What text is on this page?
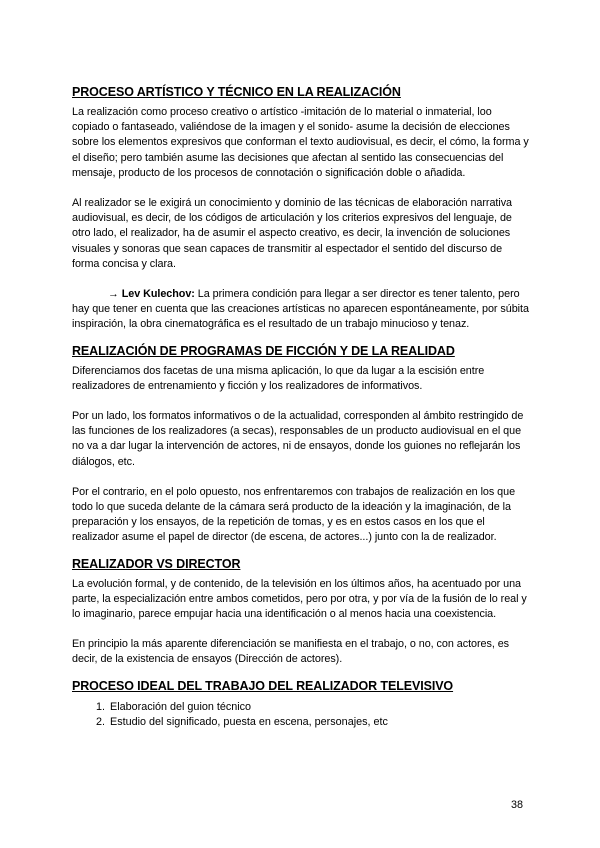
PROCESO ARTÍSTICO Y TÉCNICO EN LA REALIZACIÓN

La realización como proceso creativo o artístico -imitación de lo material o inmaterial, loo copiado o fantaseado, valiéndose de la imagen y el sonido- asume la decisión de elecciones sobre los elementos expresivos que conforman el texto audiovisual, es decir, el cómo, la forma y el diseño; pero también asume las decisiones que afectan al sentido las consecuencias del mensaje, producto de los procesos de connotación o significación doble o añadida.

Al realizador se le exigirá un conocimiento y dominio de las técnicas de elaboración narrativa audiovisual, es decir, de los códigos de articulación y los criterios expresivos del lenguaje, de otro lado, el realizador, ha de asumir el aspecto creativo, es decir, la invención de soluciones visuales y sonoras que sean capaces de transmitir al espectador el sentido del discurso de forma concisa y clara.

→ Lev Kulechov: La primera condición para llegar a ser director es tener talento, pero hay que tener en cuenta que las creaciones artísticas no aparecen espontáneamente, por súbita inspiración, la obra cinematográfica es el resultado de un trabajo minucioso y tenaz.

REALIZACIÓN DE PROGRAMAS DE FICCIÓN Y DE LA REALIDAD

Diferenciamos dos facetas de una misma aplicación, lo que da lugar a la escisión entre realizadores de entrenamiento y ficción y los realizadores de informativos.

Por un lado, los formatos informativos o de la actualidad, corresponden al ámbito restringido de las funciones de los realizadores (a secas), responsables de un producto audiovisual en el que no va a dar lugar la intervención de actores, ni de ensayos, donde los guiones no reflejarán los diálogos, etc.

Por el contrario, en el polo opuesto, nos enfrentaremos con trabajos de realización en los que todo lo que suceda delante de la cámara será producto de la ideación y la imaginación, de la preparación y los ensayos, de la repetición de tomas, y es en estos casos en los que el realizador asume el papel de director (de escena, de actores...) junto con la de realizador.

REALIZADOR VS DIRECTOR

La evolución formal, y de contenido, de la televisión en los últimos años, ha acentuado por una parte, la especialización entre ambos cometidos, pero por otra, y por vía de la fusión de lo real y lo imaginario, parece empujar hacia una identificación o al menos hacia una coexistencia.

En principio la más aparente diferenciación se manifiesta en el trabajo, o no, con actores, es decir, de la existencia de ensayos (Dirección de actores).

PROCESO IDEAL DEL TRABAJO DEL REALIZADOR TELEVISIVO
1. Elaboración del guion técnico
2. Estudio del significado, puesta en escena, personajes, etc
38
